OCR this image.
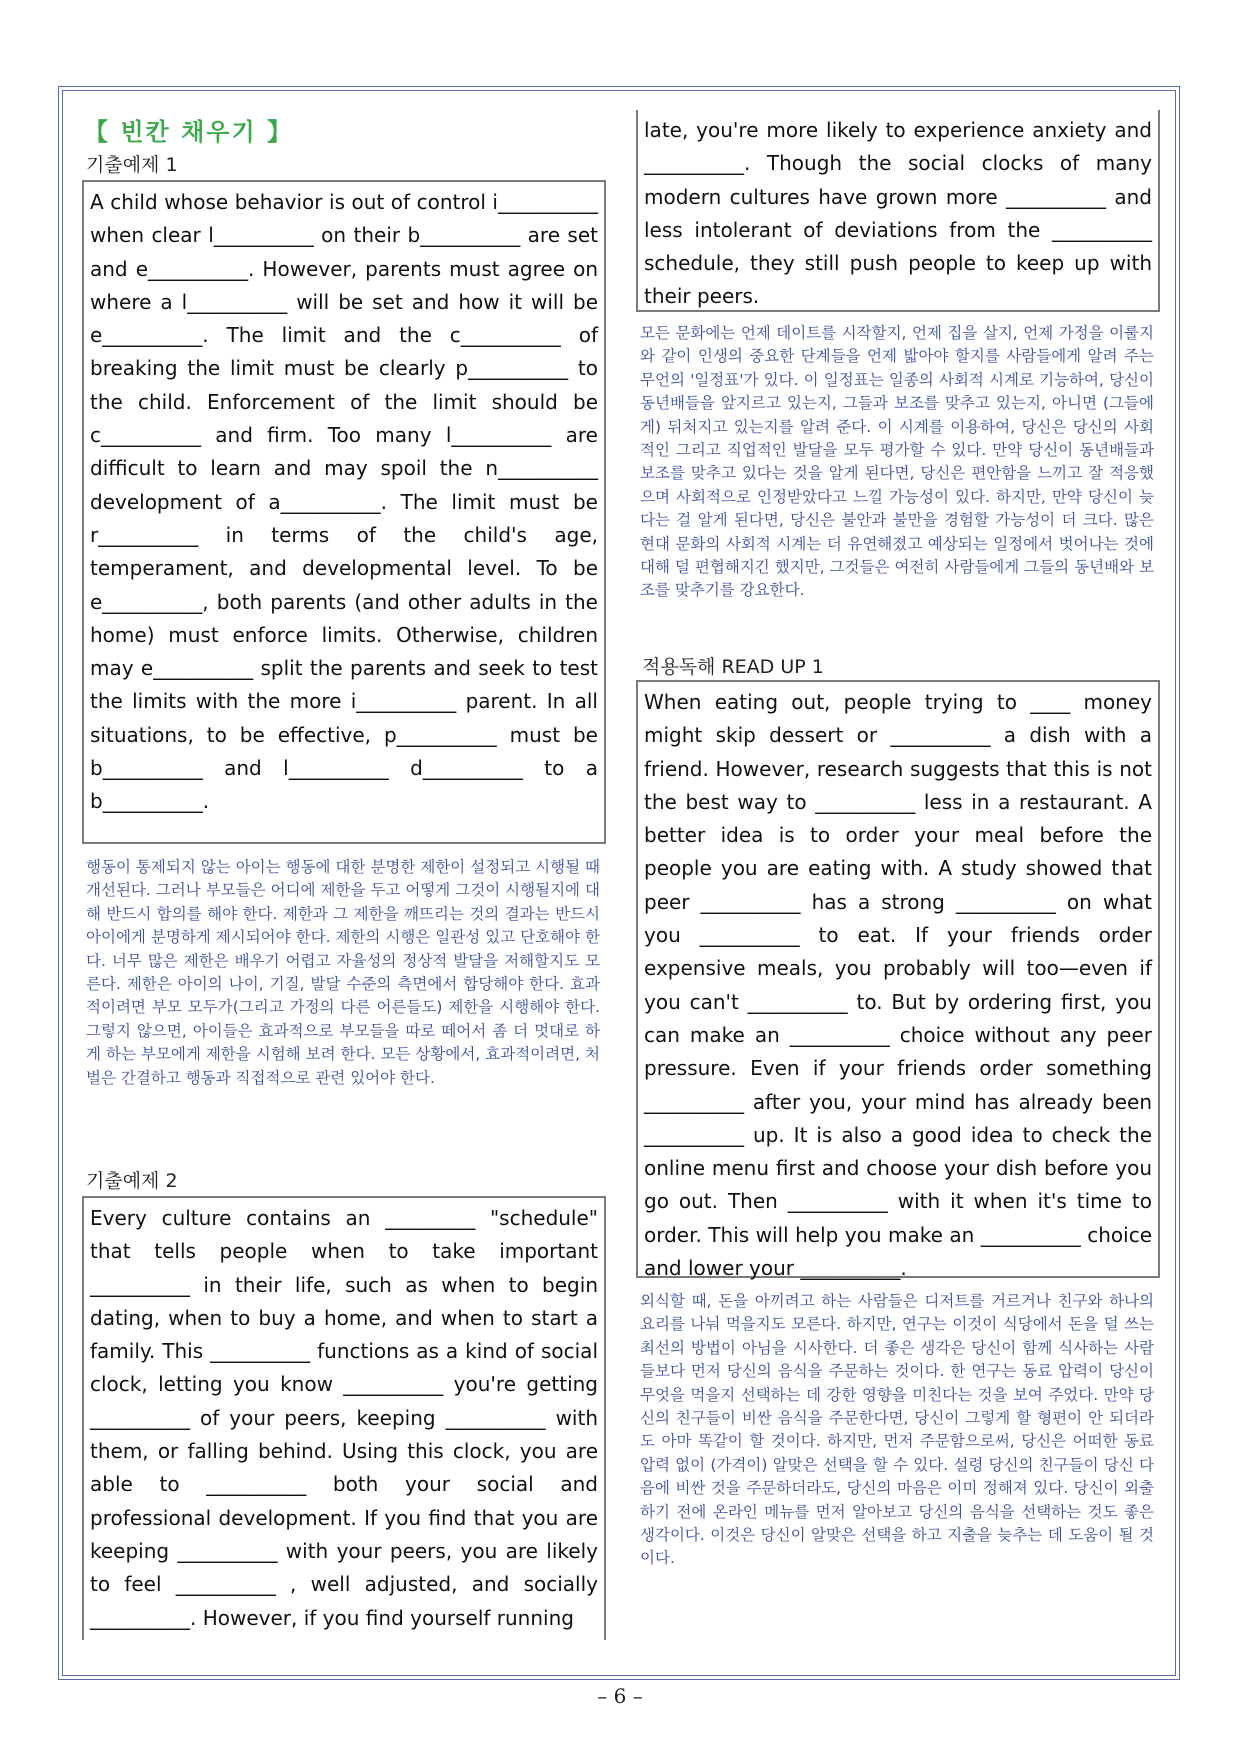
【 빈칸 채우기 】
기출예제 1
A child whose behavior is out of control i__________ when clear l__________ on their b__________ are set and e__________. However, parents must agree on where a l__________ will be set and how it will be e__________. The limit and the c__________ of breaking the limit must be clearly p__________ to the child. Enforcement of the limit should be c__________ and firm. Too many l__________ are difficult to learn and may spoil the n__________ development of a__________. The limit must be r__________ in terms of the child's age, temperament, and developmental level. To be e__________, both parents (and other adults in the home) must enforce limits. Otherwise, children may e__________ split the parents and seek to test the limits with the more i__________ parent. In all situations, to be effective, p__________ must be b__________ and l__________ d__________ to a b__________.
행동이 통제되지 않는 아이는 행동에 대한 분명한 제한이 설정되고 시행될 때 개선된다. 그러나 부모들은 어디에 제한을 두고 어떻게 그것이 시행될지에 대해 반드시 합의를 해야 한다. 제한과 그 제한을 깨뜨리는 것의 결과는 반드시 아이에게 분명하게 제시되어야 한다. 제한의 시행은 일관성 있고 단호해야 한다. 너무 많은 제한은 배우기 어렵고 자율성의 정상적 발달을 저해할지도 모른다. 제한은 아이의 나이, 기질, 발달 수준의 측면에서 합당해야 한다. 효과적이려면 부모 모두가(그리고 가정의 다른 어른들도) 제한을 시행해야 한다. 그렇지 않으면, 아이들은 효과적으로 부모들을 따로 떼어서 좀 더 멋대로 하게 하는 부모에게 제한을 시험해 보려 한다. 모든 상황에서, 효과적이려면, 처벌은 간결하고 행동과 직접적으로 관련 있어야 한다.
기출예제 2
Every culture contains an _________ "schedule" that tells people when to take important __________ in their life, such as when to begin dating, when to buy a home, and when to start a family. This __________ functions as a kind of social clock, letting you know __________ you're getting __________ of your peers, keeping __________ with them, or falling behind. Using this clock, you are able to __________ both your social and professional development. If you find that you are keeping __________ with your peers, you are likely to feel __________ , well adjusted, and socially __________. However, if you find yourself running
late, you're more likely to experience anxiety and __________. Though the social clocks of many modern cultures have grown more __________ and less intolerant of deviations from the __________ schedule, they still push people to keep up with their peers.
모든 문화에는 언제 데이트를 시작할지, 언제 집을 살지, 언제 가정을 이룰지와 같이 인생의 중요한 단계들을 언제 밟아야 할지를 사람들에게 알려 주는 무언의 '일정표'가 있다. 이 일정표는 일종의 사회적 시계로 기능하여, 당신이 동년배들을 앞지르고 있는지, 그들과 보조를 맞추고 있는지, 아니면 (그들에게) 뒤처지고 있는지를 알려 준다. 이 시계를 이용하여, 당신은 당신의 사회적인 그리고 직업적인 발달을 모두 평가할 수 있다. 만약 당신이 동년배들과 보조를 맞추고 있다는 것을 알게 된다면, 당신은 편안함을 느끼고 잘 적응했으며 사회적으로 인정받았다고 느낄 가능성이 있다. 하지만, 만약 당신이 늦다는 걸 알게 된다면, 당신은 불안과 불만을 경험할 가능성이 더 크다. 많은 현대 문화의 사회적 시계는 더 유연해졌고 예상되는 일정에서 벗어나는 것에 대해 덜 편협해지긴 했지만, 그것들은 여전히 사람들에게 그들의 동년배와 보조를 맞추기를 강요한다.
적용독해 READ UP 1
When eating out, people trying to ____ money might skip dessert or __________ a dish with a friend. However, research suggests that this is not the best way to __________ less in a restaurant. A better idea is to order your meal before the people you are eating with. A study showed that peer __________ has a strong __________ on what you __________ to eat. If your friends order expensive meals, you probably will too—even if you can't __________ to. But by ordering first, you can make an __________ choice without any peer pressure. Even if your friends order something __________ after you, your mind has already been __________ up. It is also a good idea to check the online menu first and choose your dish before you go out. Then __________ with it when it's time to order. This will help you make an __________ choice and lower your __________.
외식할 때, 돈을 아끼려고 하는 사람들은 디저트를 거르거나 친구와 하나의 요리를 나눠 먹을지도 모른다. 하지만, 연구는 이것이 식당에서 돈을 덜 쓰는 최선의 방법이 아님을 시사한다. 더 좋은 생각은 당신이 함께 식사하는 사람들보다 먼저 당신의 음식을 주문하는 것이다. 한 연구는 동료 압력이 당신이 무엇을 먹을지 선택하는 데 강한 영향을 미친다는 것을 보여 주었다. 만약 당신의 친구들이 비싼 음식을 주문한다면, 당신이 그렇게 할 형편이 안 되더라도 아마 똑같이 할 것이다. 하지만, 먼저 주문함으로써, 당신은 어떠한 동료 압력 없이 (가격이) 알맞은 선택을 할 수 있다. 설령 당신의 친구들이 당신 다음에 비싼 것을 주문하더라도, 당신의 마음은 이미 정해져 있다. 당신이 외출하기 전에 온라인 메뉴를 먼저 알아보고 당신의 음식을 선택하는 것도 좋은 생각이다. 이것은 당신이 알맞은 선택을 하고 지출을 늦추는 데 도움이 될 것이다.
– 6 –
